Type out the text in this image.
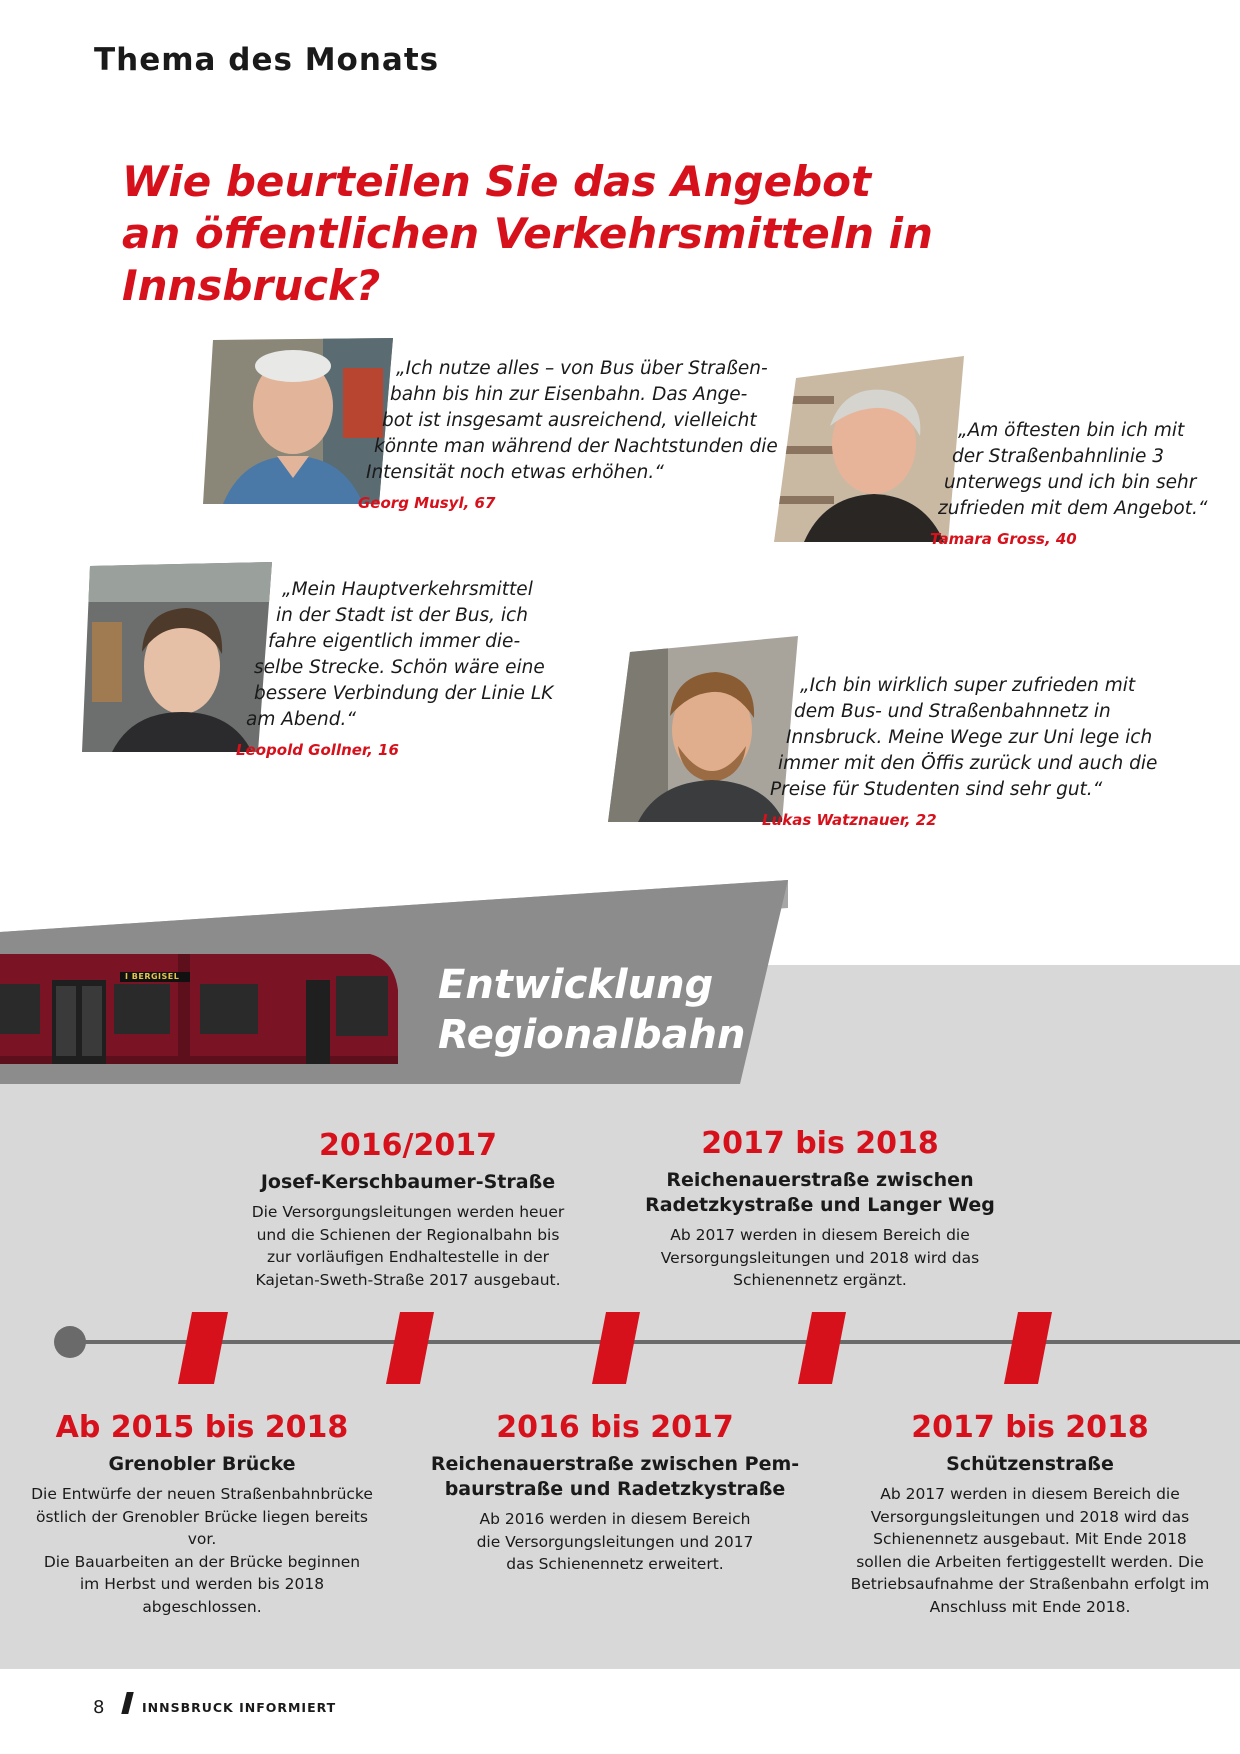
Thema des Monats
Wie beurteilen Sie das Angebot
an öffentlichen Verkehrsmitteln in Innsbruck?
„Ich nutze alles – von Bus über Straßen-
bahn bis hin zur Eisenbahn. Das Ange-
bot ist insgesamt ausreichend, vielleicht
könnte man während der Nachtstunden die
Intensität noch etwas erhöhen.“
Georg Musyl, 67
„Am öftesten bin ich mit
der Straßenbahnlinie 3
unterwegs und ich bin sehr
zufrieden mit dem Angebot.“
Tamara Gross, 40
„Mein Hauptverkehrsmittel
in der Stadt ist der Bus, ich
fahre eigentlich immer die-
selbe Strecke. Schön wäre eine
bessere Verbindung der Linie LK
am Abend.“
Leopold Gollner, 16
„Ich bin wirklich super zufrieden mit
dem Bus- und Straßenbahnnetz in
Innsbruck. Meine Wege zur Uni lege ich
immer mit den Öffis zurück und auch die
Preise für Studenten sind sehr gut.“
Lukas Watznauer, 22
I BERGISEL	Entwicklung
Regionalbahn
2016/2017
Josef-Kerschbaumer-Straße
Die Versorgungsleitungen werden heuer
und die Schienen der Regionalbahn bis
zur vorläufigen Endhaltestelle in der
Kajetan-Sweth-Straße 2017 ausgebaut.
2017 bis 2018
Reichenauerstraße zwischen
Radetzkystraße und Langer Weg
Ab 2017 werden in diesem Bereich die
Versorgungsleitungen und 2018 wird das
Schienennetz ergänzt.
Ab 2015 bis 2018
Grenobler Brücke
Die Entwürfe der neuen Straßenbahnbrücke
östlich der Grenobler Brücke liegen bereits vor.
Die Bauarbeiten an der Brücke beginnen
im Herbst und werden bis 2018
abgeschlossen.
2016 bis 2017
Reichenauerstraße zwischen Pem-
baurstraße und Radetzkystraße
Ab 2016 werden in diesem Bereich
die Versorgungsleitungen und 2017
das Schienennetz erweitert.
2017 bis 2018
Schützenstraße
Ab 2017 werden in diesem Bereich die
Versorgungsleitungen und 2018 wird das
Schienennetz ausgebaut. Mit Ende 2018
sollen die Arbeiten fertiggestellt werden. Die
Betriebsaufnahme der Straßenbahn erfolgt im
Anschluss mit Ende 2018.
8	INNSBRUCK INFORMIERT
